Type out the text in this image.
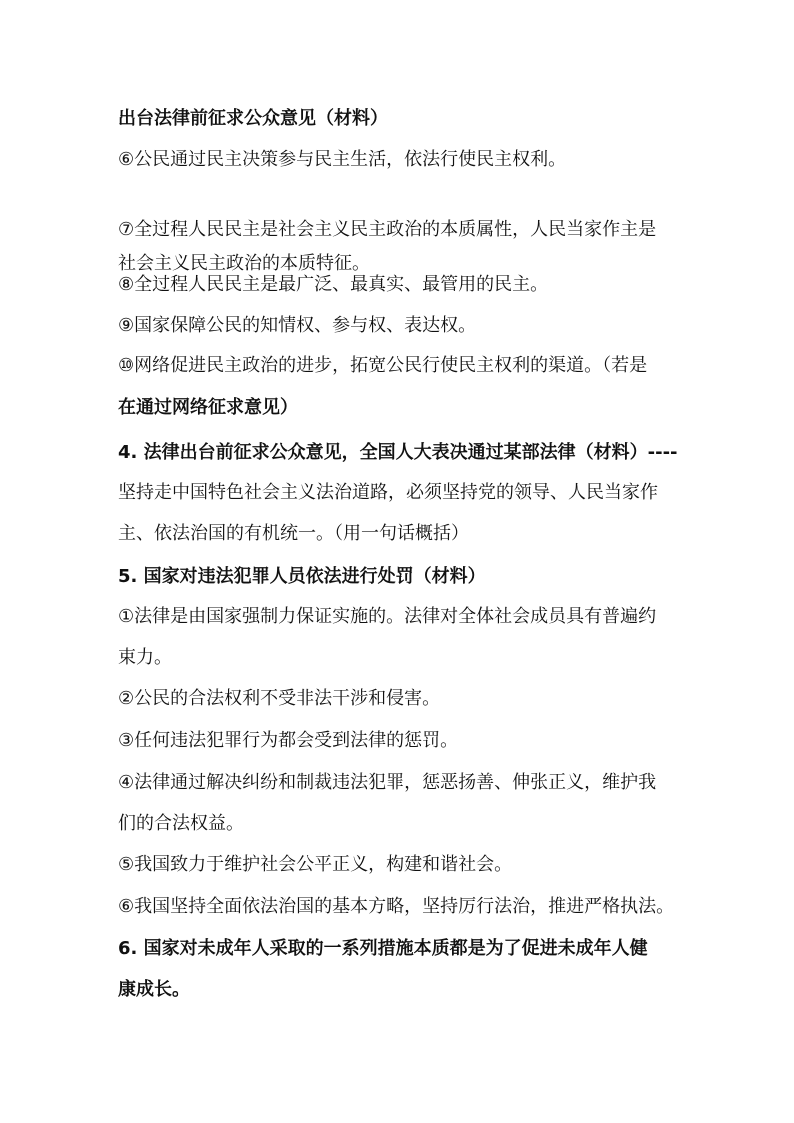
出台法律前征求公众意见（材料）
⑥公民通过民主决策参与民主生活，依法行使民主权利。
⑦全过程人民民主是社会主义民主政治的本质属性，人民当家作主是
社会主义民主政治的本质特征。
⑧全过程人民民主是最广泛、最真实、最管用的民主。
⑨国家保障公民的知情权、参与权、表达权。
⑩网络促进民主政治的进步，拓宽公民行使民主权利的渠道。（若是
在通过网络征求意见）
4. 法律出台前征求公众意见，全国人大表决通过某部法律（材料）----
坚持走中国特色社会主义法治道路，必须坚持党的领导、人民当家作
主、依法治国的有机统一。（用一句话概括）
5. 国家对违法犯罪人员依法进行处罚（材料）
①法律是由国家强制力保证实施的。法律对全体社会成员具有普遍约
束力。
②公民的合法权利不受非法干涉和侵害。
③任何违法犯罪行为都会受到法律的惩罚。
④法律通过解决纠纷和制裁违法犯罪，惩恶扬善、伸张正义，维护我
们的合法权益。
⑤我国致力于维护社会公平正义，构建和谐社会。
⑥我国坚持全面依法治国的基本方略，坚持厉行法治，推进严格执法。
6. 国家对未成年人采取的一系列措施本质都是为了促进未成年人健
康成长。
